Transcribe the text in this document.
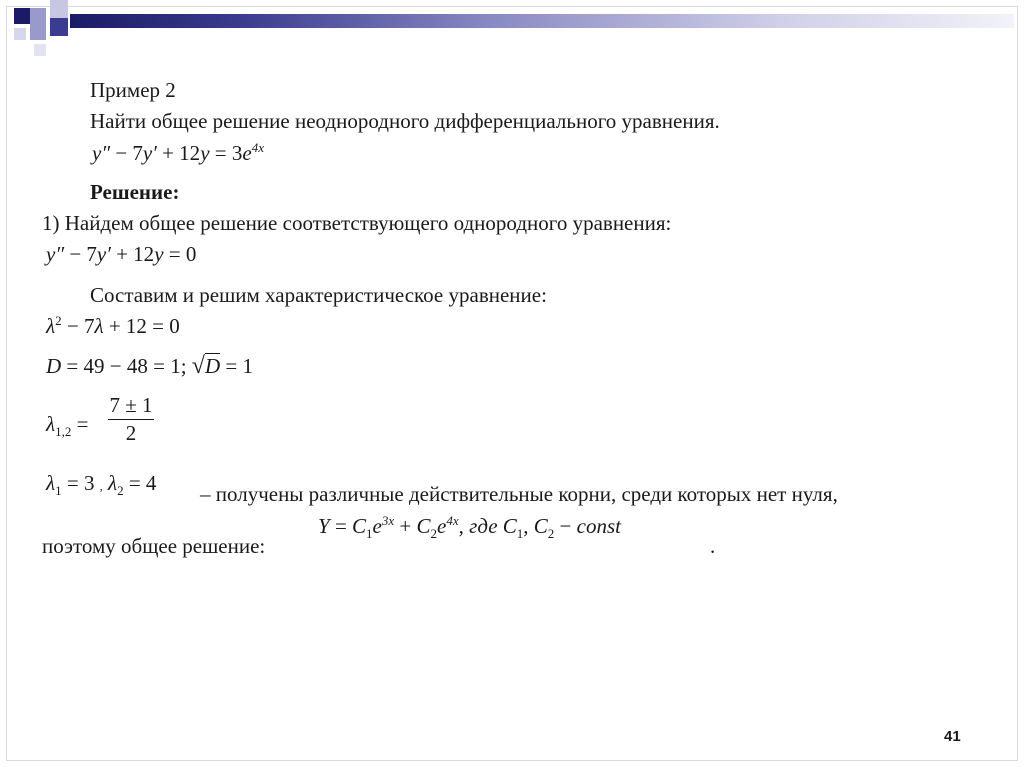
Пример 2
Найти общее решение неоднородного дифференциального уравнения.
$y'' - 7y' + 12y = 3e^{4x}$
Решение:
1) Найдем общее решение соответствующего однородного уравнения:
y″ − 7y′ + 12y = 0
Составим и решим характеристическое уравнение:
$\lambda^2 - 7\lambda + 12 = 0$
D = 49 − 48 = 1; √D = 1
$\lambda_{1,2}$ =
7 ± 1
2
$\lambda_1 = 3$ , $\lambda_2 = 4$ – получены различные действительные корни, среди которых нет нуля,
поэтому общее решение:
$Y = C_1e^{3x} + C_2e^{4x}$, где $C_1$, $C_2$ − const
.
41
